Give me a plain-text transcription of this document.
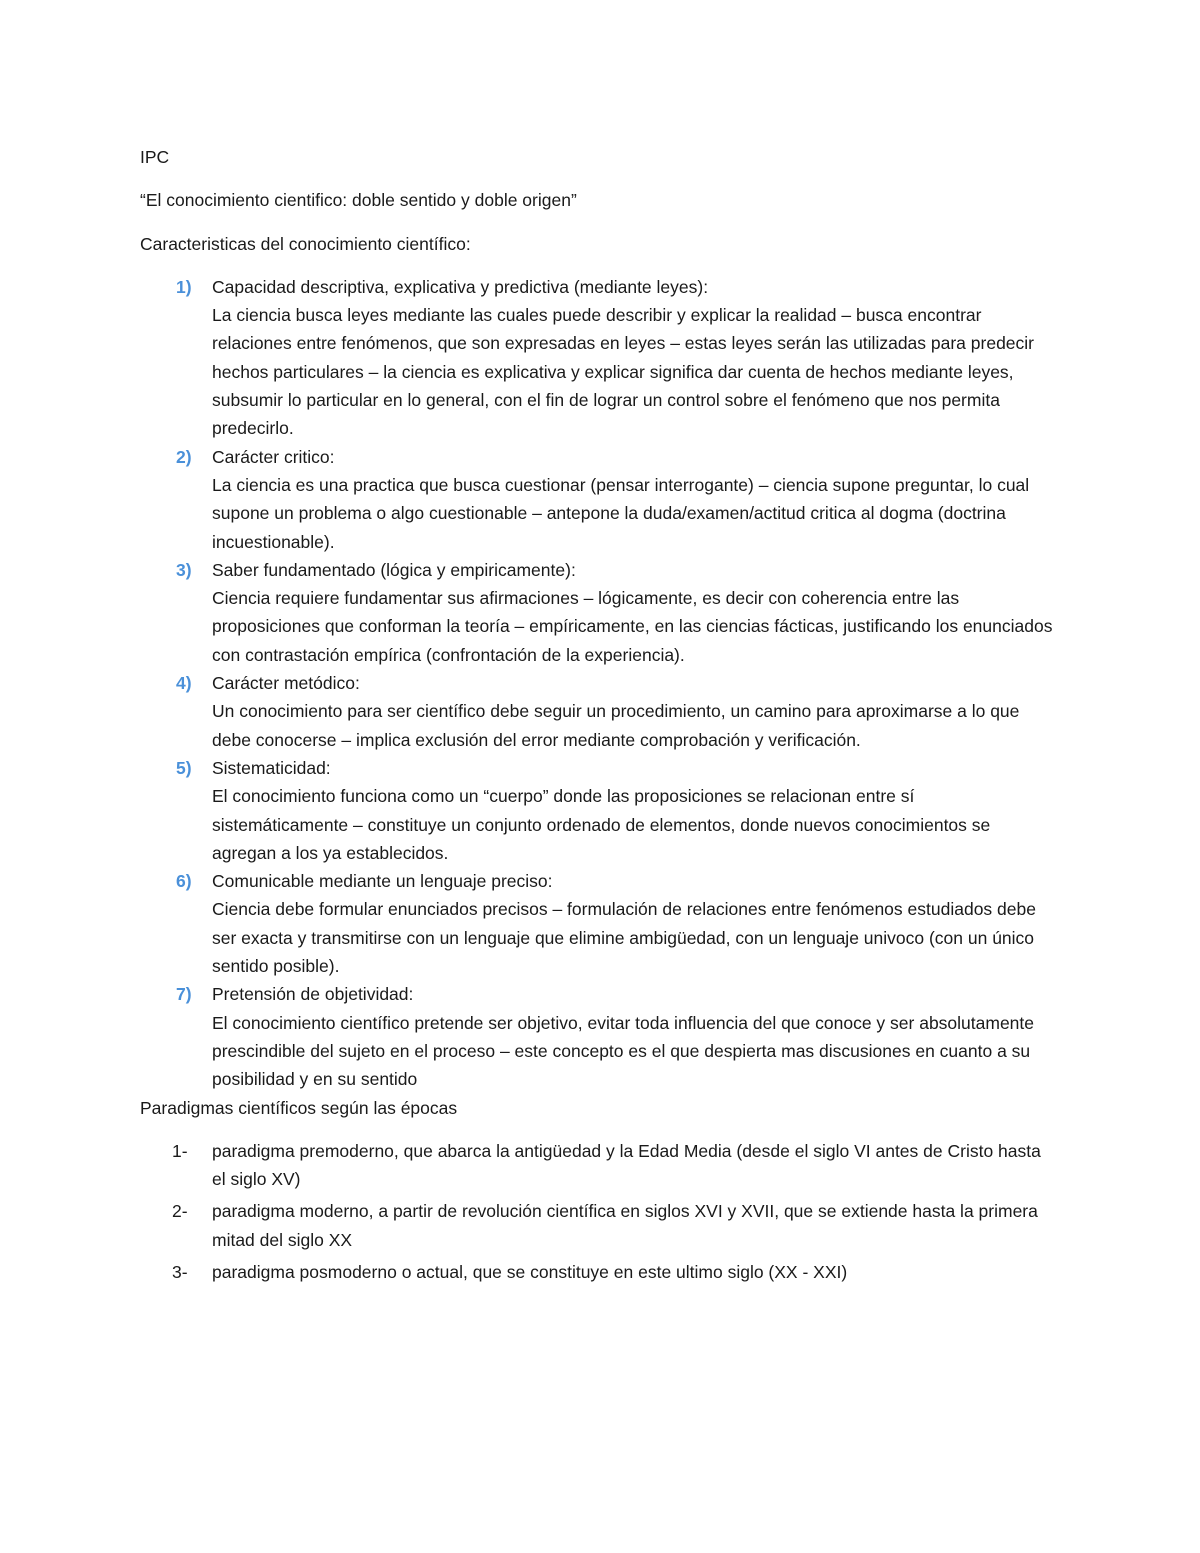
IPC

“El conocimiento cientifico: doble sentido y doble origen”

Caracteristicas del conocimiento científico:

1) Capacidad descriptiva, explicativa y predictiva (mediante leyes):
La ciencia busca leyes mediante las cuales puede describir y explicar la realidad – busca encontrar relaciones entre fenómenos, que son expresadas en leyes – estas leyes serán las utilizadas para predecir hechos particulares – la ciencia es explicativa y explicar significa dar cuenta de hechos mediante leyes, subsumir lo particular en lo general, con el fin de lograr un control sobre el fenómeno que nos permita predecirlo.
2) Carácter critico:
La ciencia es una practica que busca cuestionar (pensar interrogante) – ciencia supone preguntar, lo cual supone un problema o algo cuestionable – antepone la duda/examen/actitud critica al dogma (doctrina incuestionable).
3) Saber fundamentado (lógica y empiricamente):
Ciencia requiere fundamentar sus afirmaciones – lógicamente, es decir con coherencia entre las proposiciones que conforman la teoría – empíricamente, en las ciencias fácticas, justificando los enunciados con contrastación empírica (confrontación de la experiencia).
4) Carácter metódico:
Un conocimiento para ser científico debe seguir un procedimiento, un camino para aproximarse a lo que debe conocerse – implica exclusión del error mediante comprobación y verificación.
5) Sistematicidad:
El conocimiento funciona como un “cuerpo” donde las proposiciones se relacionan entre sí sistemáticamente – constituye un conjunto ordenado de elementos, donde nuevos conocimientos se agregan a los ya establecidos.
6) Comunicable mediante un lenguaje preciso:
Ciencia debe formular enunciados precisos – formulación de relaciones entre fenómenos estudiados debe ser exacta y transmitirse con un lenguaje que elimine ambigüedad, con un lenguaje univoco (con un único sentido posible).
7) Pretensión de objetividad:
El conocimiento científico pretende ser objetivo, evitar toda influencia del que conoce y ser absolutamente prescindible del sujeto en el proceso – este concepto es el que despierta mas discusiones en cuanto a su posibilidad y en su sentido

Paradigmas científicos según las épocas

1- paradigma premoderno, que abarca la antigüedad y la Edad Media (desde el siglo VI antes de Cristo hasta el siglo XV)
2- paradigma moderno, a partir de revolución científica en siglos XVI y XVII, que se extiende hasta la primera mitad del siglo XX
3- paradigma posmoderno o actual, que se constituye en este ultimo siglo (XX - XXI)
